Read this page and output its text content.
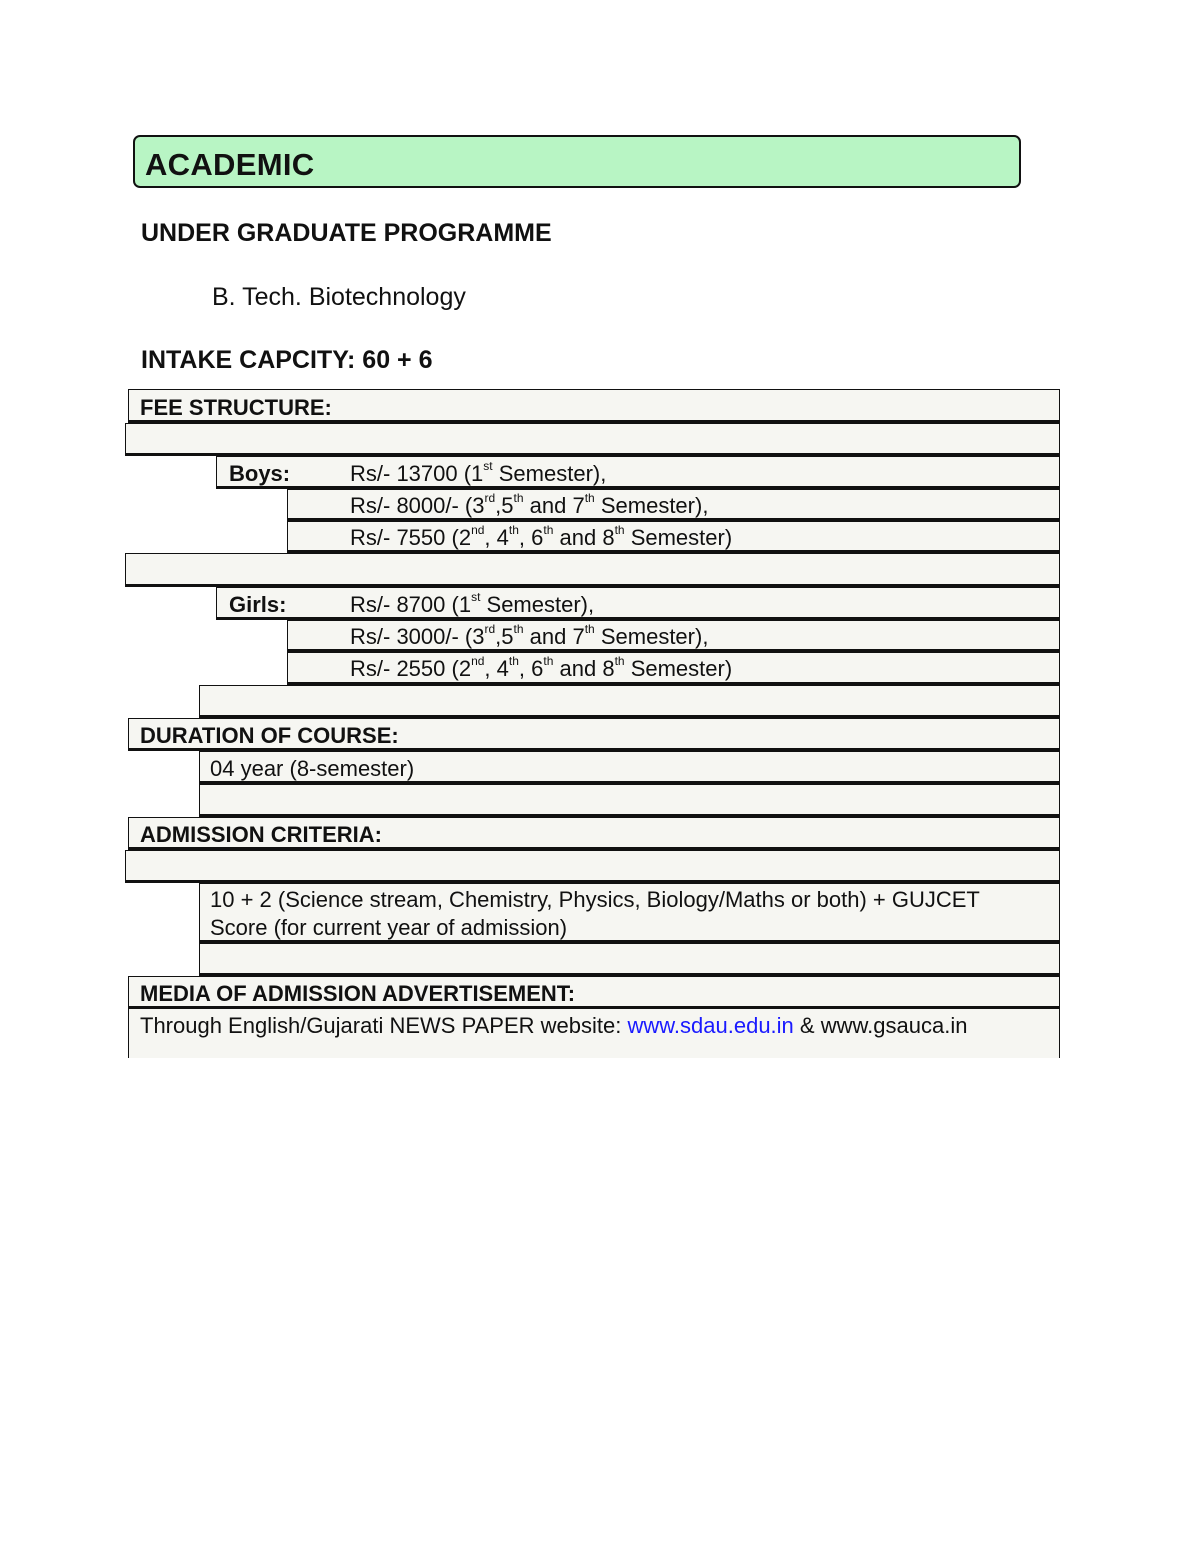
ACADEMIC
UNDER GRADUATE PROGRAMME
B. Tech. Biotechnology
INTAKE CAPCITY: 60 + 6
FEE STRUCTURE:
Boys:	Rs/- 13700 (1st Semester),
Rs/- 8000/- (3rd,5th and 7th Semester),
Rs/- 7550 (2nd, 4th, 6th and 8th Semester)
Girls:	Rs/- 8700 (1st Semester),
Rs/- 3000/- (3rd,5th and 7th Semester),
Rs/- 2550 (2nd, 4th, 6th and 8th Semester)
DURATION OF COURSE:
04 year (8-semester)
ADMISSION CRITERIA:
10 + 2 (Science stream, Chemistry, Physics, Biology/Maths or both) + GUJCET
Score (for current year of admission)
MEDIA OF ADMISSION ADVERTISEMENT:
Through English/Gujarati NEWS PAPER website: www.sdau.edu.in & www.gsauca.in
